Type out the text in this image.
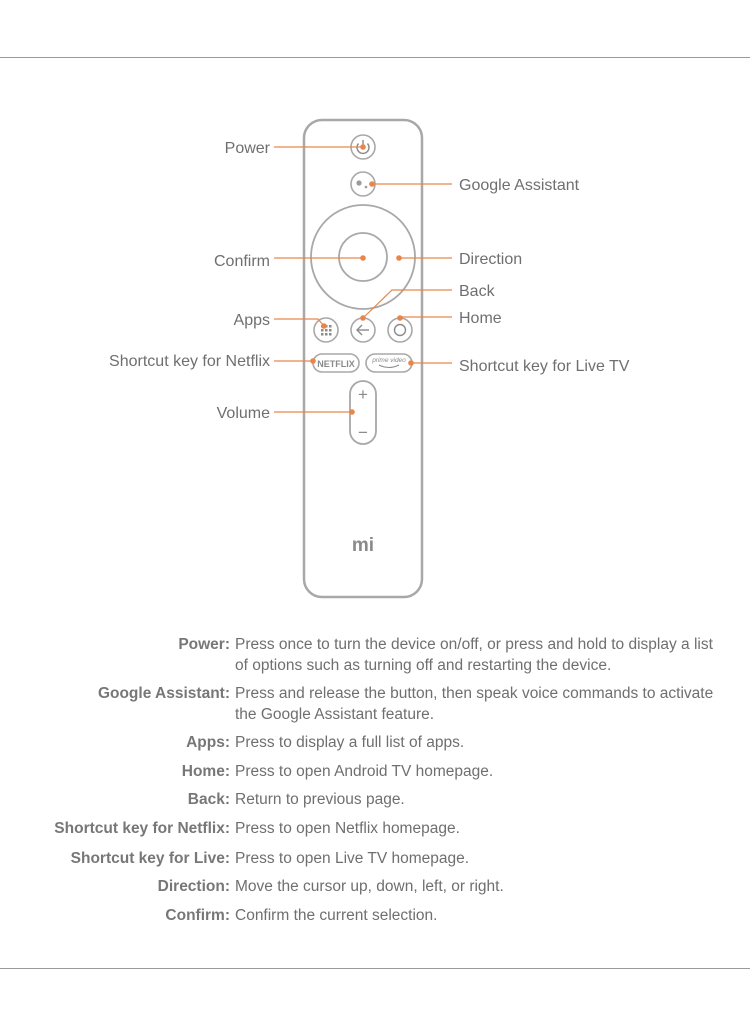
NETFLIX	prime video
+
−
mi
Power
Google Assistant
Confirm	Direction
Back
Apps	Home
Shortcut key for Netflix	Shortcut key for Live TV
Volume
Power: Press once to turn the device on/off, or press and hold to display a list of options such as turning off and restarting the device.
Google Assistant: Press and release the button, then speak voice commands to activate the Google Assistant feature.
Apps: Press to display a full list of apps.
Home: Press to open Android TV homepage.
Back: Return to previous page.
Shortcut key for Netflix: Press to open Netflix homepage.
Shortcut key for Live: Press to open Live TV homepage.
Direction: Move the cursor up, down, left, or right.
Confirm: Confirm the current selection.
